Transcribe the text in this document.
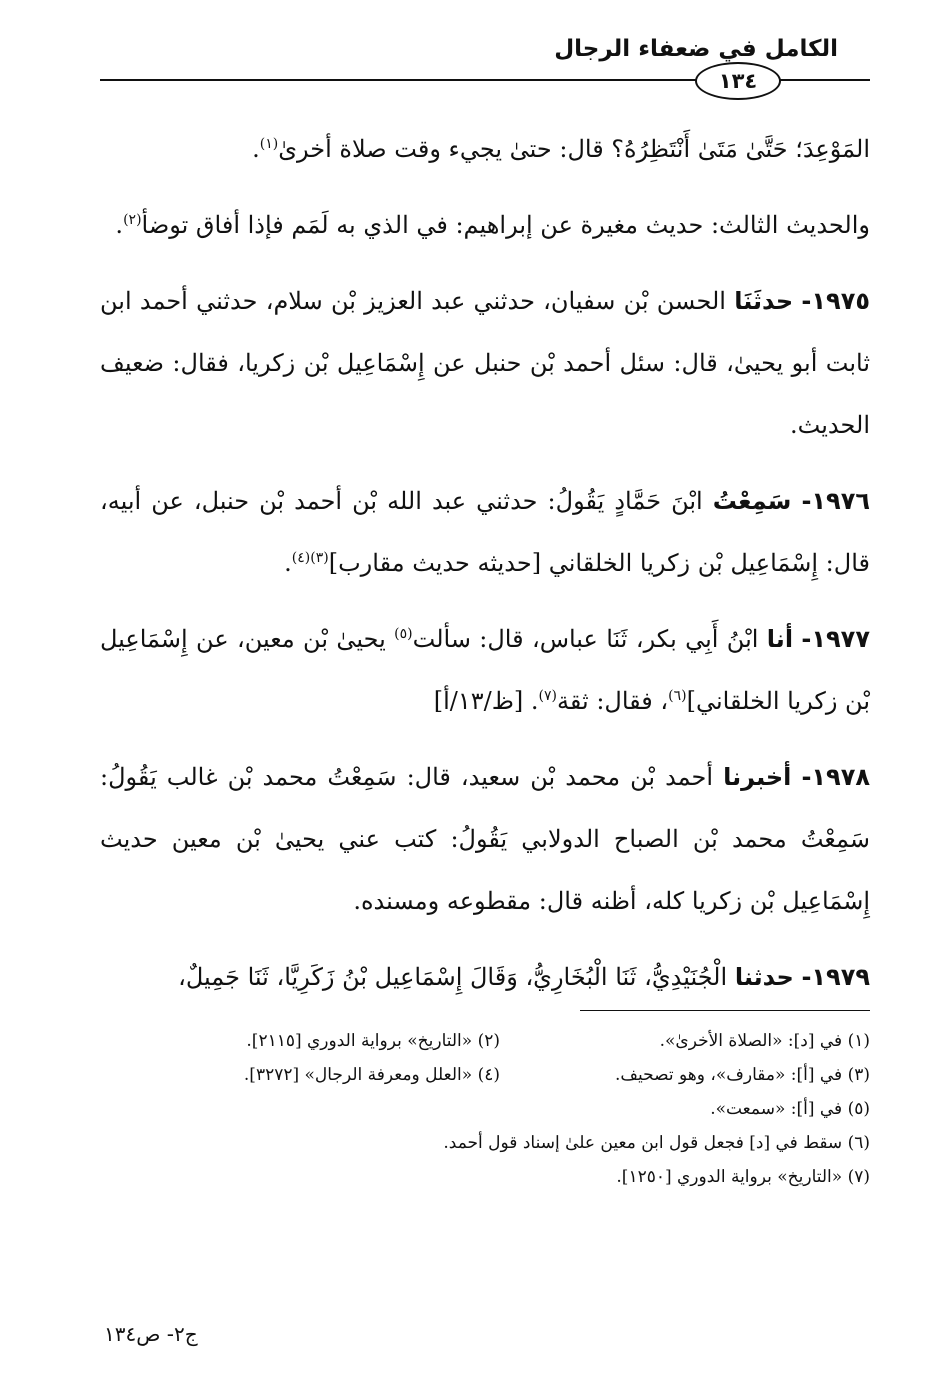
الكامل في ضعفاء الرجال
١٣٤

المَوْعِدَ؛ حَتَّىٰ مَتَىٰ أَنْتَظِرُهُ؟ قال: حتىٰ يجيء وقت صلاة أخرىٰ$^{(١)}$.

والحديث الثالث: حديث مغيرة عن إبراهيم: في الذي به لَمَم فإذا أفاق توضأ$^{(٢)}$.

١٩٧٥- حدثَنَا الحسن بْن سفيان، حدثني عبد العزيز بْن سلام، حدثني أحمد ابن ثابت أبو يحيىٰ، قال: سئل أحمد بْن حنبل عن إِسْمَاعِيل بْن زكريا، فقال: ضعيف الحديث.

١٩٧٦- سَمِعْتُ ابْنَ حَمَّادٍ يَقُولُ: حدثني عبد الله بْن أحمد بْن حنبل، عن أبيه، قال: إِسْمَاعِيل بْن زكريا الخلقاني [حديثه حديث مقارب]$^{(٣)(٤)}$.

١٩٧٧- أنا ابْنُ أَبِي بكر، ثَنَا عباس، قال: سألت$^{(٥)}$ يحيىٰ بْن معين، عن إِسْمَاعِيل بْن زكريا الخلقاني]$^{(٦)}$، فقال: ثقة$^{(٧)}$. [ظ/١٣/أ]

١٩٧٨- أخبرنا أحمد بْن محمد بْن سعيد، قال: سَمِعْتُ محمد بْن غالب يَقُولُ: سَمِعْتُ محمد بْن الصباح الدولابي يَقُولُ: كتب عني يحيىٰ بْن معين حديث إِسْمَاعِيل بْن زكريا كله، أظنه قال: مقطوعه ومسنده.

١٩٧٩- حدثنا الْجُنَيْدِيُّ، ثَنَا الْبُخَارِيُّ، وَقَالَ إِسْمَاعِيل بْنُ زَكَرِيَّا، ثَنَا جَمِيلٌ،

(١) في [د]: «الصلاة الأخرىٰ».
(٢) «التاريخ» برواية الدوري [٢١١٥].
(٣) في [أ]: «مقارف»، وهو تصحيف.
(٤) «العلل ومعرفة الرجال» [٣٢٧٢].
(٥) في [أ]: «سمعت».
(٦) سقط في [د] فجعل قول ابن معين علىٰ إسناد قول أحمد.
(٧) «التاريخ» برواية الدوري [١٢٥٠].
ج٢- ص١٣٤
